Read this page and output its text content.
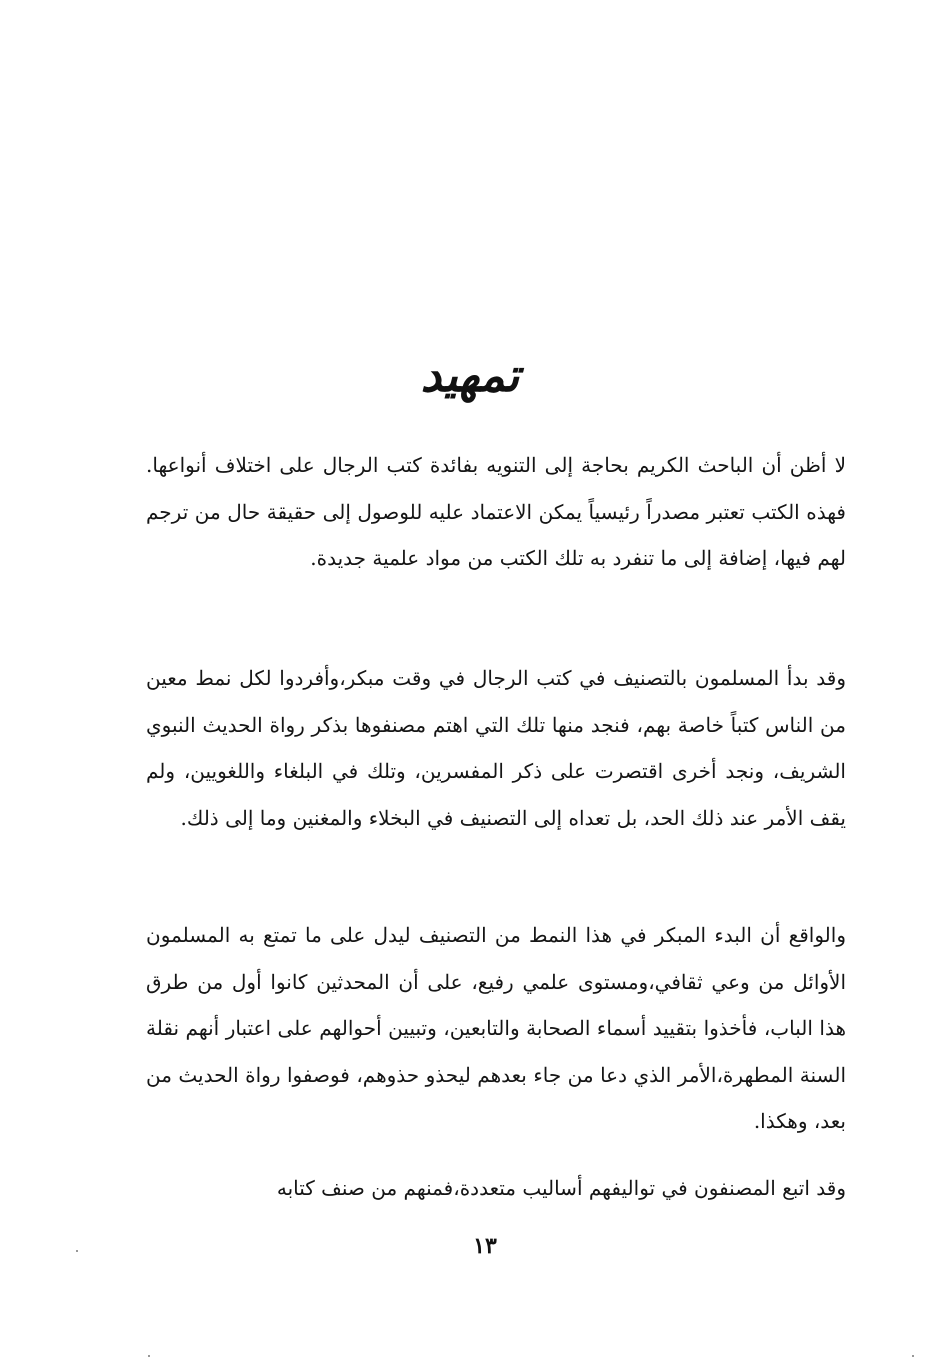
تمهيد

لا أظن أن الباحث الكريم بحاجة إلى التنويه بفائدة كتب الرجال على اختلاف أنواعها. فهذه الكتب تعتبر مصدراً رئيسياً يمكن الاعتماد عليه للوصول إلى حقيقة حال من ترجم لهم فيها، إضافة إلى ما تنفرد به تلك الكتب من مواد علمية جديدة.

وقد بدأ المسلمون بالتصنيف في كتب الرجال في وقت مبكر،وأفردوا لكل نمط معين من الناس كتباً خاصة بهم، فنجد منها تلك التي اهتم مصنفوها بذكر رواة الحديث النبوي الشريف، ونجد أخرى اقتصرت على ذكر المفسرين، وتلك في البلغاء واللغويين، ولم يقف الأمر عند ذلك الحد، بل تعداه إلى التصنيف في البخلاء والمغنين وما إلى ذلك.

والواقع أن البدء المبكر في هذا النمط من التصنيف ليدل على ما تمتع به المسلمون الأوائل من وعي ثقافي،ومستوى علمي رفيع، على أن المحدثين كانوا أول من طرق هذا الباب، فأخذوا بتقييد أسماء الصحابة والتابعين، وتبيين أحوالهم على اعتبار أنهم نقلة السنة المطهرة،الأمر الذي دعا من جاء بعدهم ليحذو حذوهم، فوصفوا رواة الحديث من بعد، وهكذا.

وقد اتبع المصنفون في تواليفهم أساليب متعددة،فمنهم من صنف كتابه

١٣
